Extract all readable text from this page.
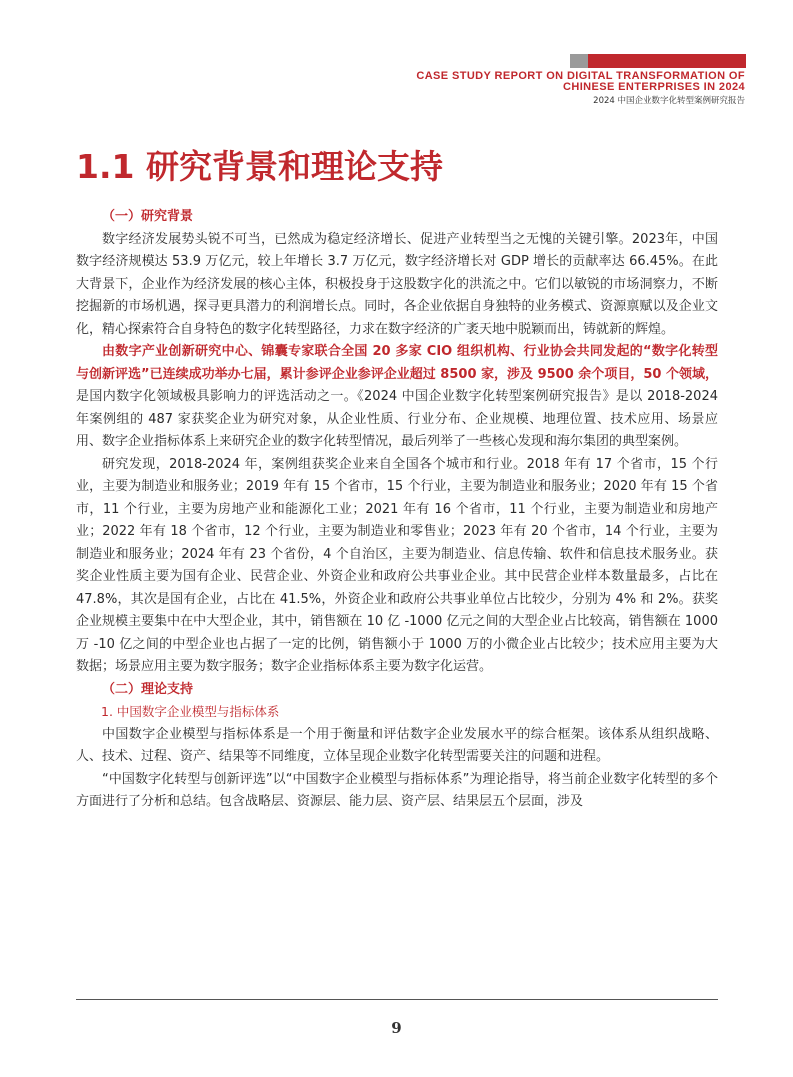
CASE STUDY REPORT ON DIGITAL TRANSFORMATION OF
CHINESE ENTERPRISES IN 2024
2024 中国企业数字化转型案例研究报告
1.1 研究背景和理论支持
（一）研究背景

数字经济发展势头锐不可当，已然成为稳定经济增长、促进产业转型当之无愧的关键引擎。2023年，中国数字经济规模达 53.9 万亿元，较上年增长 3.7 万亿元，数字经济增长对 GDP 增长的贡献率达 66.45%。在此大背景下，企业作为经济发展的核心主体，积极投身于这股数字化的洪流之中。它们以敏锐的市场洞察力，不断挖掘新的市场机遇，探寻更具潜力的利润增长点。同时，各企业依据自身独特的业务模式、资源禀赋以及企业文化，精心探索符合自身特色的数字化转型路径，力求在数字经济的广袤天地中脱颖而出，铸就新的辉煌。

由数字产业创新研究中心、锦囊专家联合全国 20 多家 CIO 组织机构、行业协会共同发起的“数字化转型与创新评选”已连续成功举办七届，累计参评企业参评企业超过 8500 家，涉及 9500 余个项目，50 个领域，是国内数字化领域极具影响力的评选活动之一。《2024 中国企业数字化转型案例研究报告》是以 2018-2024 年案例组的 487 家获奖企业为研究对象，从企业性质、行业分布、企业规模、地理位置、技术应用、场景应用、数字企业指标体系上来研究企业的数字化转型情况，最后列举了一些核心发现和海尔集团的典型案例。

研究发现，2018-2024 年，案例组获奖企业来自全国各个城市和行业。2018 年有 17 个省市，15 个行业，主要为制造业和服务业；2019 年有 15 个省市，15 个行业，主要为制造业和服务业；2020 年有 15 个省市，11 个行业，主要为房地产业和能源化工业；2021 年有 16 个省市，11 个行业，主要为制造业和房地产业；2022 年有 18 个省市，12 个行业，主要为制造业和零售业；2023 年有 20 个省市，14 个行业，主要为制造业和服务业；2024 年有 23 个省份，4 个自治区，主要为制造业、信息传输、软件和信息技术服务业。获奖企业性质主要为国有企业、民营企业、外资企业和政府公共事业企业。其中民营企业样本数量最多，占比在 47.8%，其次是国有企业，占比在 41.5%，外资企业和政府公共事业单位占比较少，分别为 4% 和 2%。获奖企业规模主要集中在中大型企业，其中，销售额在 10 亿 -1000 亿元之间的大型企业占比较高，销售额在 1000 万 -10 亿之间的中型企业也占据了一定的比例，销售额小于 1000 万的小微企业占比较少；技术应用主要为大数据；场景应用主要为数字服务；数字企业指标体系主要为数字化运营。

（二）理论支持
1. 中国数字企业模型与指标体系

中国数字企业模型与指标体系是一个用于衡量和评估数字企业发展水平的综合框架。该体系从组织战略、人、技术、过程、资产、结果等不同维度，立体呈现企业数字化转型需要关注的问题和进程。

“中国数字化转型与创新评选”以“中国数字企业模型与指标体系”为理论指导，将当前企业数字化转型的多个方面进行了分析和总结。包含战略层、资源层、能力层、资产层、结果层五个层面，涉及

9
